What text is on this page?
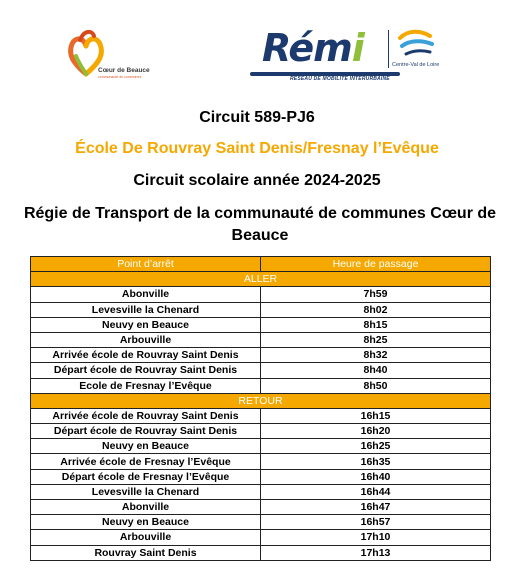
Cœur de Beauce
communauté de communes
Rémi
RESEAU DE MOBILITÉ INTERURBAINE
Centre-Val de Loire
Circuit 589-PJ6
École De Rouvray Saint Denis/Fresnay l’Evêque
Circuit scolaire année 2024-2025
Régie de Transport de la communauté de communes Cœur de Beauce
Point d’arrêt	Heure de passage
ALLER	
Abonville	7h59
Levesville la Chenard	8h02
Neuvy en Beauce	8h15
Arbouville	8h25
Arrivée école de Rouvray Saint Denis	8h32
Départ école de Rouvray Saint Denis	8h40
Ecole de Fresnay l’Evêque	8h50
RETOUR	
Arrivée école de Rouvray Saint Denis	16h15
Départ école de Rouvray Saint Denis	16h20
Neuvy en Beauce	16h25
Arrivée école de Fresnay l’Evêque	16h35
Départ école de Fresnay l’Evêque	16h40
Levesville la Chenard	16h44
Abonville	16h47
Neuvy en Beauce	16h57
Arbouville	17h10
Rouvray Saint Denis	17h13
